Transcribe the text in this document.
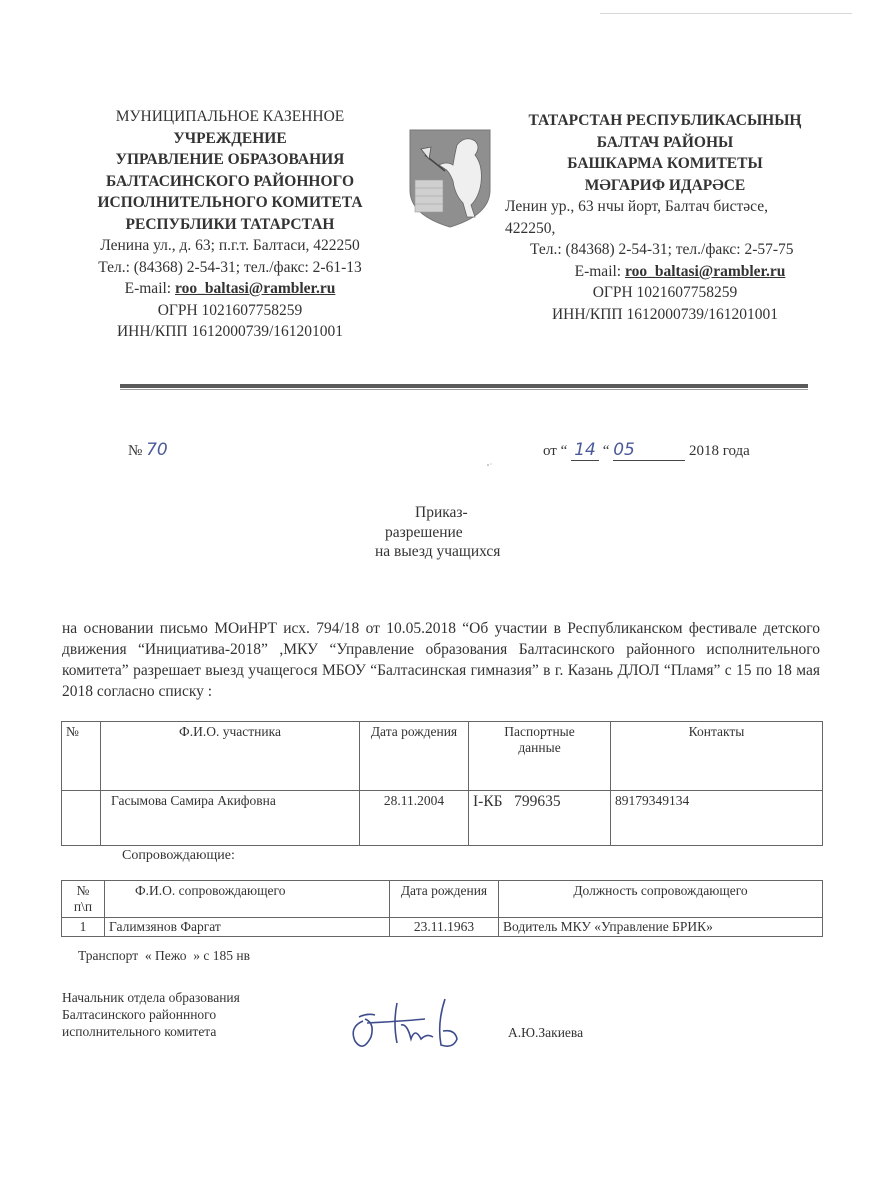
МУНИЦИПАЛЬНОЕ КАЗЕННОЕ
УЧРЕЖДЕНИЕ
УПРАВЛЕНИЕ ОБРАЗОВАНИЯ
БАЛТАСИНСКОГО РАЙОННОГО
ИСПОЛНИТЕЛЬНОГО КОМИТЕТА
РЕСПУБЛИКИ ТАТАРСТАН
Ленина ул., д. 63; п.г.т. Балтаси, 422250
Тел.: (84368) 2-54-31; тел./факс: 2-61-13
E-mail: roo_baltasi@rambler.ru
ОГРН 1021607758259
ИНН/КПП 1612000739/161201001
ТАТАРСТАН РЕСПУБЛИКАСЫНЫҢ
БАЛТАЧ РАЙОНЫ
БАШКАРМА КОМИТЕТЫ
МӘГАРИФ ИДАРӘСЕ
Ленин ур., 63 нчы йорт, Балтач бистәсе,
422250,
Тел.: (84368) 2-54-31; тел./факс: 2-57-75
E-mail: roo_baltasi@rambler.ru
ОГРН 1021607758259
ИНН/КПП 1612000739/161201001
№ 70	от “ 14 “ 05	2018 года
Приказ-
разрешение
на выезд учащихся
на основании письмо МОиНРТ исх. 794/18 от 10.05.2018 “Об участии в Республиканском фестивале детского движения “Инициатива-2018” ,МКУ “Управление образования Балтасинского районного исполнительного комитета” разрешает выезд учащегося МБОУ “Балтасинская гимназия” в г. Казань ДЛОЛ “Пламя” с 15 по 18 мая 2018 согласно списку :
№	Ф.И.О. участника	Дата рождения	Паспортные данные	Контакты
	Гасымова Самира Акифовна	28.11.2004	I-КБ   799635	89179349134
Сопровождающие:
№ п\п	Ф.И.О. сопровождающего	Дата рождения	Должность сопровождающего
1	Галимзянов Фаргат	23.11.1963	Водитель МКУ «Управление БРИК»
Транспорт  « Пежо  » с 185 нв
Начальник отдела образования
Балтасинского районнного
исполнительного комитета	А.Ю.Закиева
